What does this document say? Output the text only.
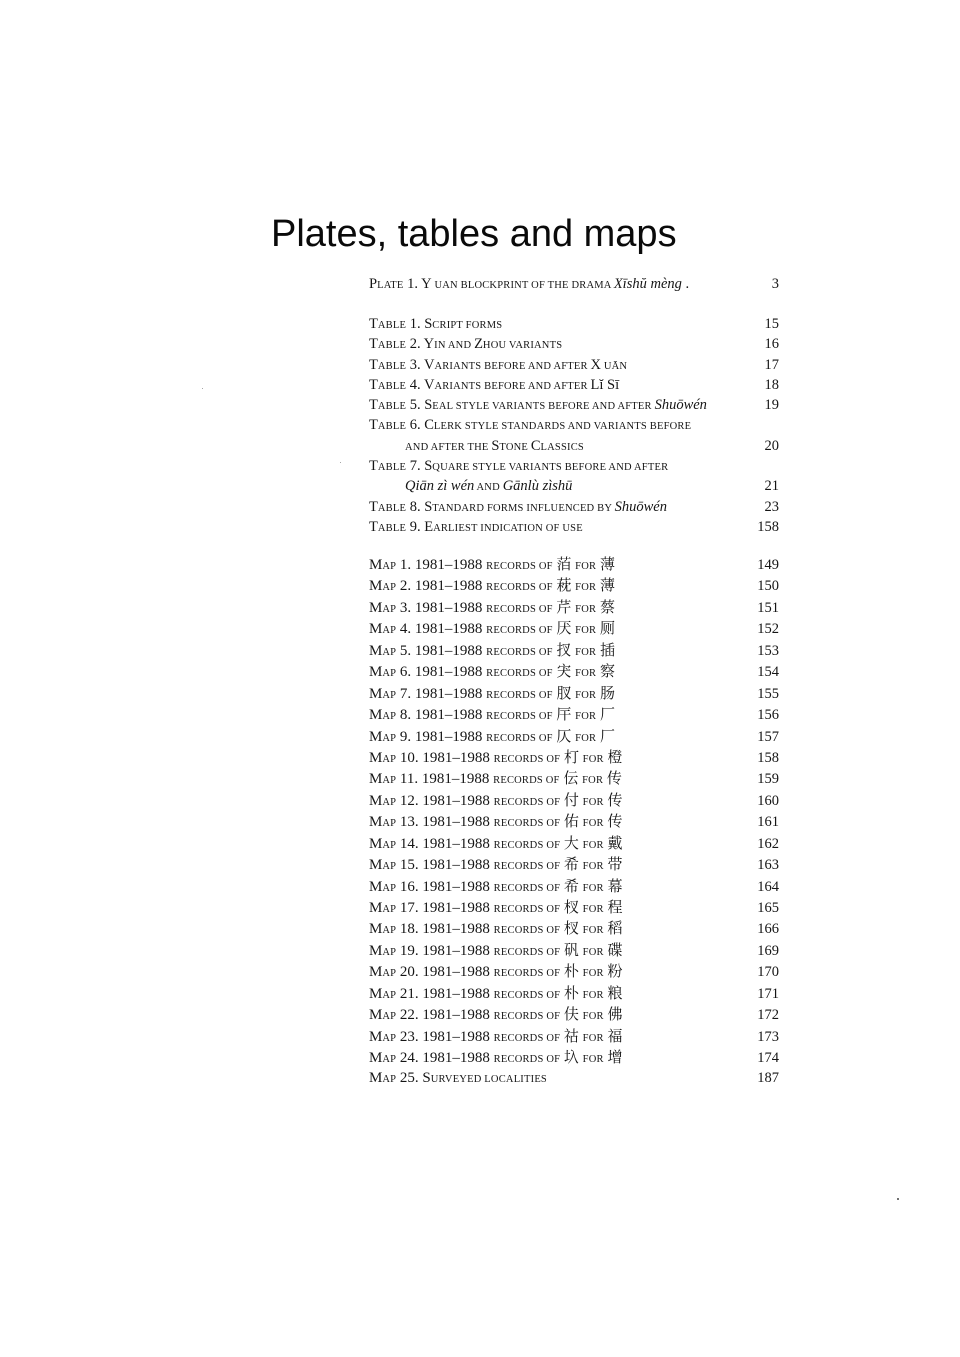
Plates, tables and maps
PLATE 1. Y UAN BLOCKPRINT OF THE DRAMA Xīshŭ mèng .	3
TABLE 1. SCRIPT FORMS	15
TABLE 2. YIN AND ZHOU VARIANTS	16
TABLE 3. VARIANTS BEFORE AND AFTER X UĀN	17
TABLE 4. VARIANTS BEFORE AND AFTER Lĭ Sī	18
TABLE 5. SEAL STYLE VARIANTS BEFORE AND AFTER Shuōwén	19
TABLE 6. CLERK STYLE STANDARDS AND VARIANTS BEFORE
AND AFTER THE STONE CLASSICS	20
TABLE 7. SQUARE STYLE VARIANTS BEFORE AND AFTER
Qiān zì wén AND Gānlù zìshū	21
TABLE 8. STANDARD FORMS INFLUENCED BY Shuōwén	23
TABLE 9. EARLIEST INDICATION OF USE	158
MAP 1. 1981–1988 RECORDS OF 萡 FOR 薄	149
MAP 2. 1981–1988 RECORDS OF 萙 FOR 薄	150
MAP 3. 1981–1988 RECORDS OF 芹 FOR 蔡	151
MAP 4. 1981–1988 RECORDS OF 厌 FOR 厕	152
MAP 5. 1981–1988 RECORDS OF 扠 FOR 插	153
MAP 6. 1981–1988 RECORDS OF 宊 FOR 察	154
MAP 7. 1981–1988 RECORDS OF 肞 FOR 肠	155
MAP 8. 1981–1988 RECORDS OF 厈 FOR 厂	156
MAP 9. 1981–1988 RECORDS OF 仄 FOR 厂	157
MAP 10. 1981–1988 RECORDS OF 朾 FOR 橙	158
MAP 11. 1981–1988 RECORDS OF 伝 FOR 传	159
MAP 12. 1981–1988 RECORDS OF 付 FOR 传	160
MAP 13. 1981–1988 RECORDS OF 佑 FOR 传	161
MAP 14. 1981–1988 RECORDS OF 大 FOR 戴	162
MAP 15. 1981–1988 RECORDS OF 希 FOR 带	163
MAP 16. 1981–1988 RECORDS OF 希 FOR 幕	164
MAP 17. 1981–1988 RECORDS OF 杈 FOR 程	165
MAP 18. 1981–1988 RECORDS OF 杈 FOR 稻	166
MAP 19. 1981–1988 RECORDS OF 矾 FOR 碟	169
MAP 20. 1981–1988 RECORDS OF 朴 FOR 粉	170
MAP 21. 1981–1988 RECORDS OF 朴 FOR 粮	171
MAP 22. 1981–1988 RECORDS OF 伕 FOR 佛	172
MAP 23. 1981–1988 RECORDS OF 祜 FOR 福	173
MAP 24. 1981–1988 RECORDS OF 圦 FOR 增	174
MAP 25. SURVEYED LOCALITIES	187
